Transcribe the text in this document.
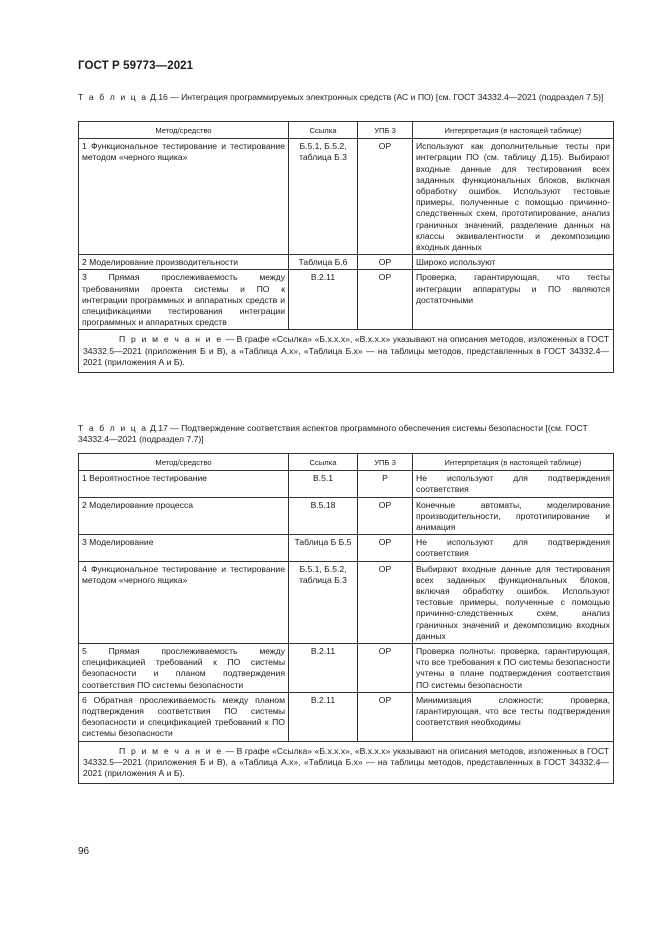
ГОСТ Р 59773—2021
Т а б л и ц а Д.16 — Интеграция программируемых электронных средств (АС и ПО) [см. ГОСТ 34332.4—2021 (подраздел 7.5)]
Метод/средство	Ссылка	УПБ 3	Интерпретация (в настоящей таблице)
1 Функциональное тестирование и тестирование методом «черного ящика»	Б.5.1, Б.5.2, таблица Б.3	ОР	Используют как дополнительные тесты при интеграции ПО (см. таблицу Д.15). Выбирают входные данные для тестирования всех заданных функциональных блоков, включая обработку ошибок. Используют тестовые примеры, полученные с помощью причинно-следственных схем, прототипирование, анализ граничных значений, разделение данных на классы эквивалентности и декомпозицию входных данных
2 Моделирование производительности	Таблица Б.6	ОР	Широко используют
3 Прямая прослеживаемость между требованиями проекта системы и ПО к интеграции программных и аппаратных средств и спецификациями тестирования интеграции программных и аппаратных средств	В.2.11	ОР	Проверка, гарантирующая, что тесты интеграции аппаратуры и ПО являются достаточными
П р и м е ч а н и е — В графе «Ссылка» «Б.х.х.х», «В.х.х.х» указывают на описания методов, изложенных в ГОСТ 34332.5—2021 (приложения Б и В), а «Таблица А.х», «Таблица Б.х» — на таблицы методов, представленных в ГОСТ 34332.4—2021 (приложения А и Б).			
Т а б л и ц а Д.17 — Подтверждение соответствия аспектов программного обеспечения системы безопасности [(см. ГОСТ 34332.4—2021 (подраздел 7.7)]
Метод/средство	Ссылка	УПБ 3	Интерпретация (в настоящей таблице)
1 Вероятностное тестирование	В.5.1	Р	Не используют для подтверждения соответствия
2 Моделирование процесса	В.5.18	ОР	Конечные автоматы, моделирование производительности, прототипирование и анимация
3 Моделирование	Таблица Б Б.5	ОР	Не используют для подтверждения соответствия
4 Функциональное тестирование и тестирование методом «черного ящика»	Б.5.1, Б.5.2, таблица Б.3	ОР	Выбирают входные данные для тестирования всех заданных функциональных блоков, включая обработку ошибок. Используют тестовые примеры, полученные с помощью причинно-следственных схем, анализ граничных значений и декомпозицию входных данных
5 Прямая прослеживаемость между спецификацией требований к ПО системы безопасности и планом подтверждения соответствия ПО системы безопасности	В.2.11	ОР	Проверка полноты: проверка, гарантирующая, что все требования к ПО системы безопасности учтены в плане подтверждения соответствия ПО системы безопасности
6 Обратная прослеживаемость между планом подтверждения соответствия ПО системы безопасности и спецификацией требований к ПО системы безопасности	В.2.11	ОР	Минимизация сложности: проверка, гарантирующая, что все тесты подтверждения соответствия необходимы
П р и м е ч а н и е — В графе «Ссылка» «Б.х.х.х», «В.х.х.х» указывают на описания методов, изложенных в ГОСТ 34332.5—2021 (приложения Б и В), а «Таблица А.х», «Таблица Б.х» — на таблицы методов, представленных в ГОСТ 34332.4—2021 (приложения А и Б).			
96
